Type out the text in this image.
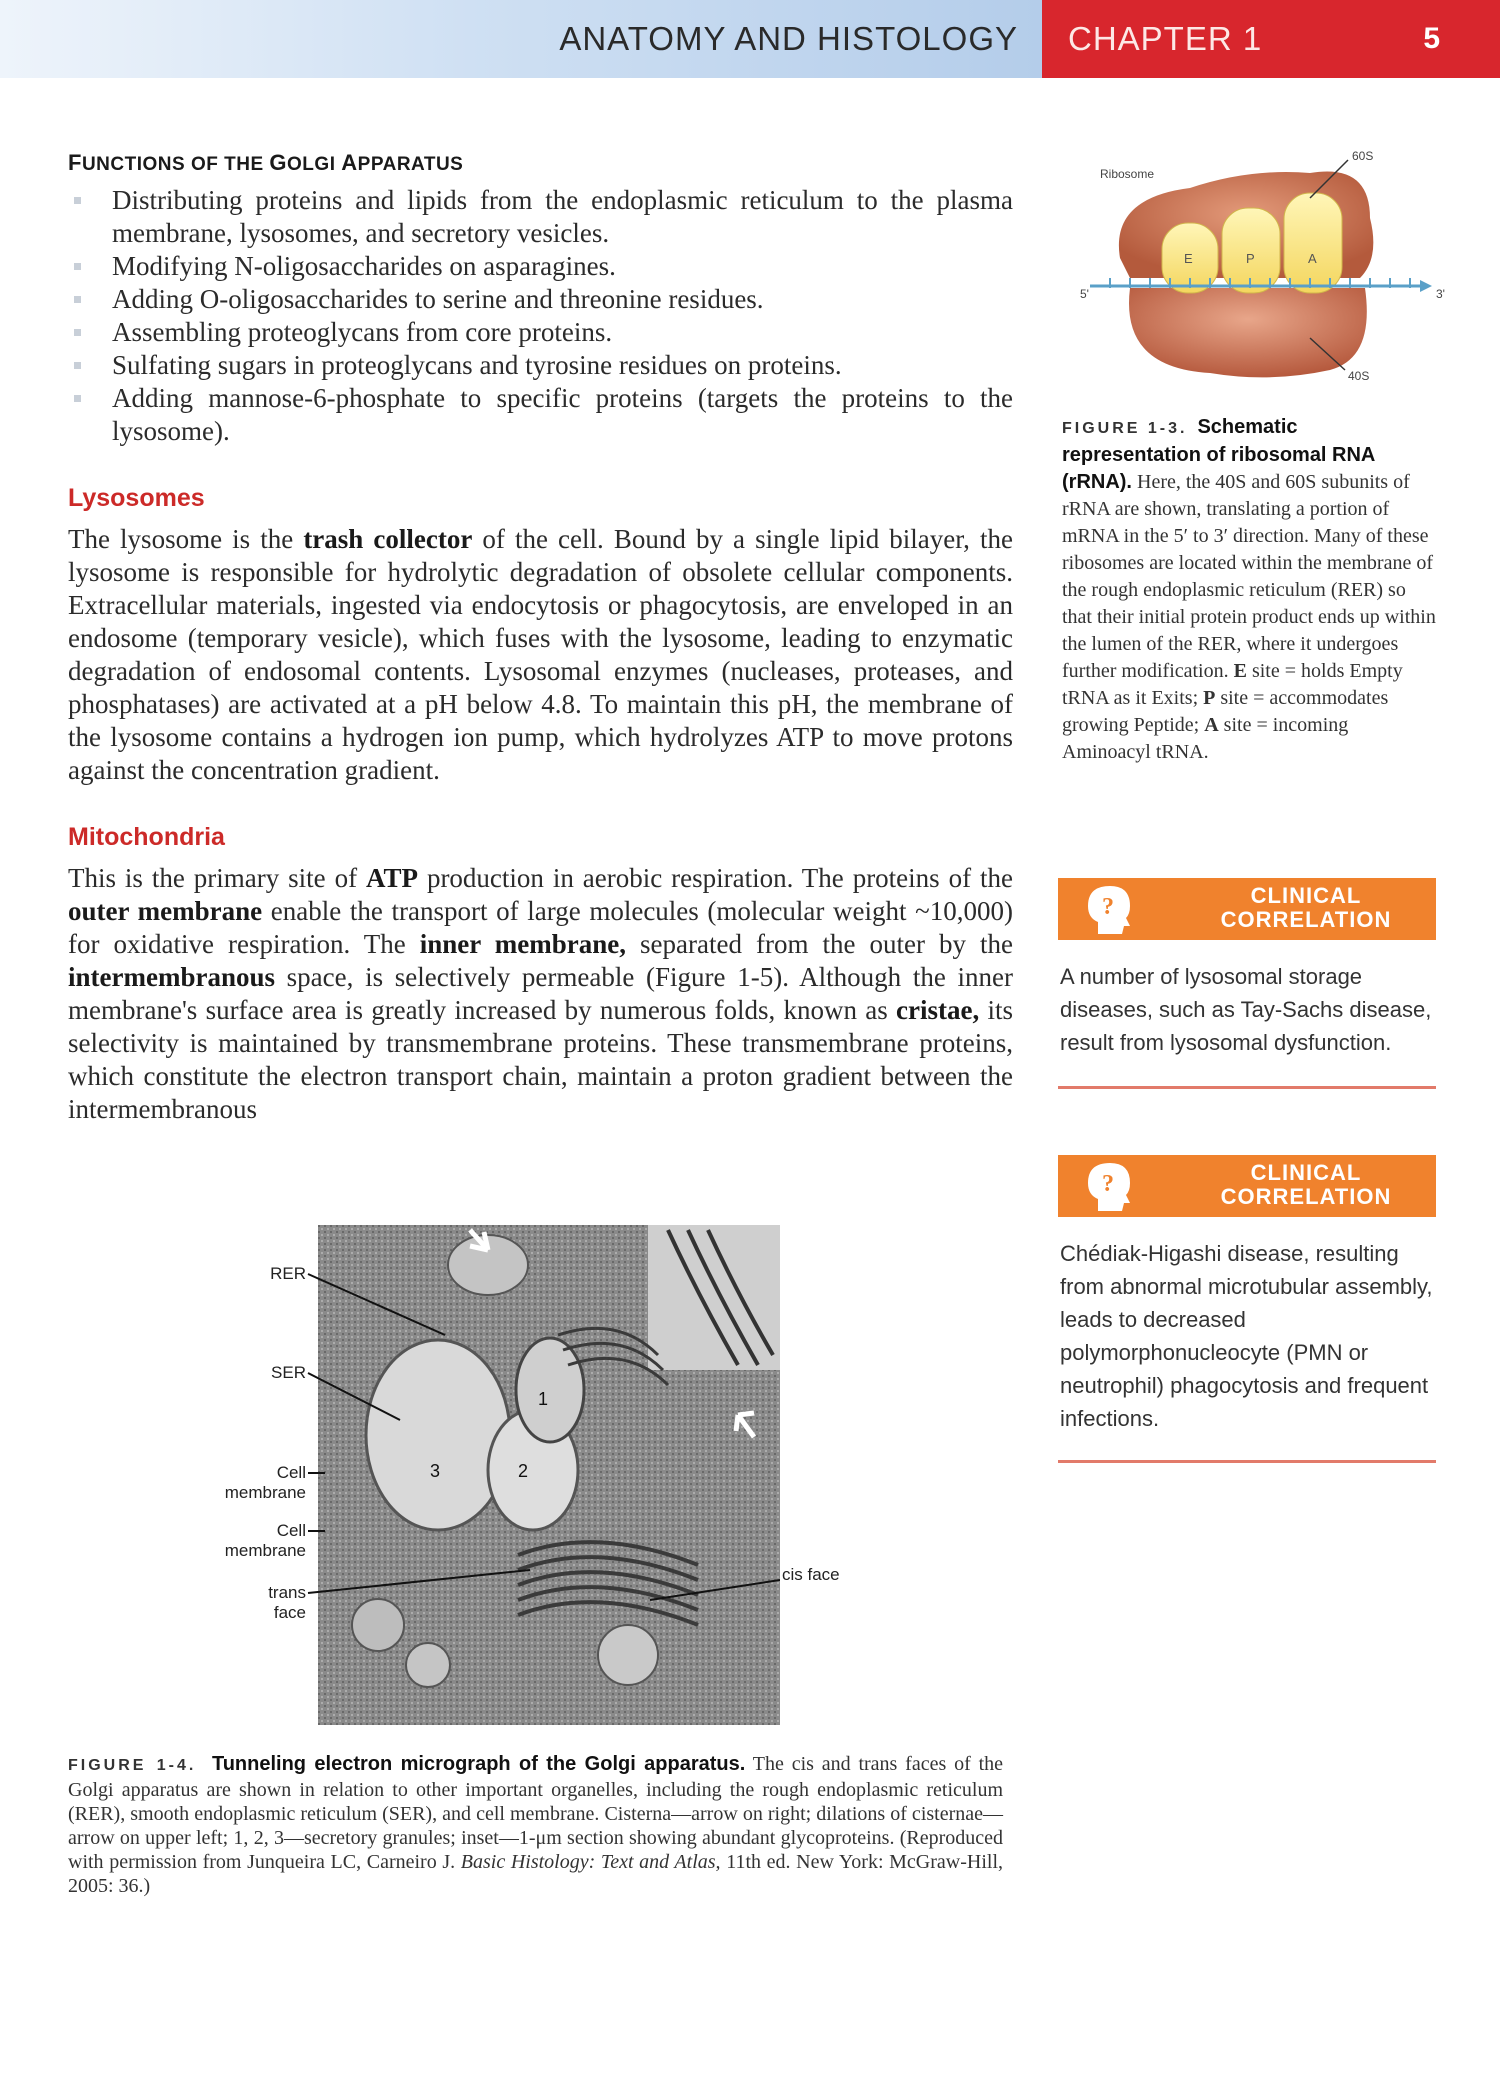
ANATOMY AND HISTOLOGY CHAPTER 1	5
FUNCTIONS OF THE GOLGI APPARATUS
Distributing proteins and lipids from the endoplasmic reticulum to the plasma membrane, lysosomes, and secretory vesicles.
Modifying N-oligosaccharides on asparagines.
Adding O-oligosaccharides to serine and threonine residues.
Assembling proteoglycans from core proteins.
Sulfating sugars in proteoglycans and tyrosine residues on proteins.
Adding mannose-6-phosphate to specific proteins (targets the proteins to the lysosome).
Lysosomes

The lysosome is the trash collector of the cell. Bound by a single lipid bilayer, the lysosome is responsible for hydrolytic degradation of obsolete cellular components. Extracellular materials, ingested via endocytosis or phagocytosis, are enveloped in an endosome (temporary vesicle), which fuses with the lysosome, leading to enzymatic degradation of endosomal contents. Lysosomal enzymes (nucleases, proteases, and phosphatases) are activated at a pH below 4.8. To maintain this pH, the membrane of the lysosome contains a hydrogen ion pump, which hydrolyzes ATP to move protons against the concentration gradient.

Mitochondria

This is the primary site of ATP production in aerobic respiration. The proteins of the outer membrane enable the transport of large molecules (molecular weight ~10,000) for oxidative respiration. The inner membrane, separated from the outer by the intermembranous space, is selectively permeable (Figure 1-5). Although the inner membrane's surface area is greatly increased by numerous folds, known as cristae, its selectivity is maintained by transmembrane proteins. These transmembrane proteins, which constitute the electron transport chain, maintain a proton gradient between the intermembranous

1
2
3
RER
SER
Cell membrane
Cell membrane
trans face
cis face
FIGURE 1-4. Tunneling electron micrograph of the Golgi apparatus. The cis and trans faces of the Golgi apparatus are shown in relation to other important organelles, including the rough endoplasmic reticulum (RER), smooth endoplasmic reticulum (SER), and cell membrane. Cisterna—arrow on right; dilations of cisternae—arrow on upper left; 1, 2, 3—secretory granules; inset—1-μm section showing abundant glycoproteins. (Reproduced with permission from Junqueira LC, Carneiro J. Basic Histology: Text and Atlas, 11th ed. New York: McGraw-Hill, 2005: 36.)
Ribosome
60S
40S
5'	3'
E	P	A
FIGURE 1-3. Schematic representation of ribosomal RNA (rRNA). Here, the 40S and 60S subunits of rRNA are shown, translating a portion of mRNA in the 5′ to 3′ direction. Many of these ribosomes are located within the membrane of the rough endoplasmic reticulum (RER) so that their initial protein product ends up within the lumen of the RER, where it undergoes further modification. E site = holds Empty tRNA as it Exits; P site = accommodates growing Peptide; A site = incoming Aminoacyl tRNA.
?	CLINICAL
CORRELATION
A number of lysosomal storage diseases, such as Tay-Sachs disease, result from lysosomal dysfunction.
?	CLINICAL
CORRELATION
Chédiak-Higashi disease, resulting from abnormal microtubular assembly, leads to decreased polymorphonucleocyte (PMN or neutrophil) phagocytosis and frequent infections.
